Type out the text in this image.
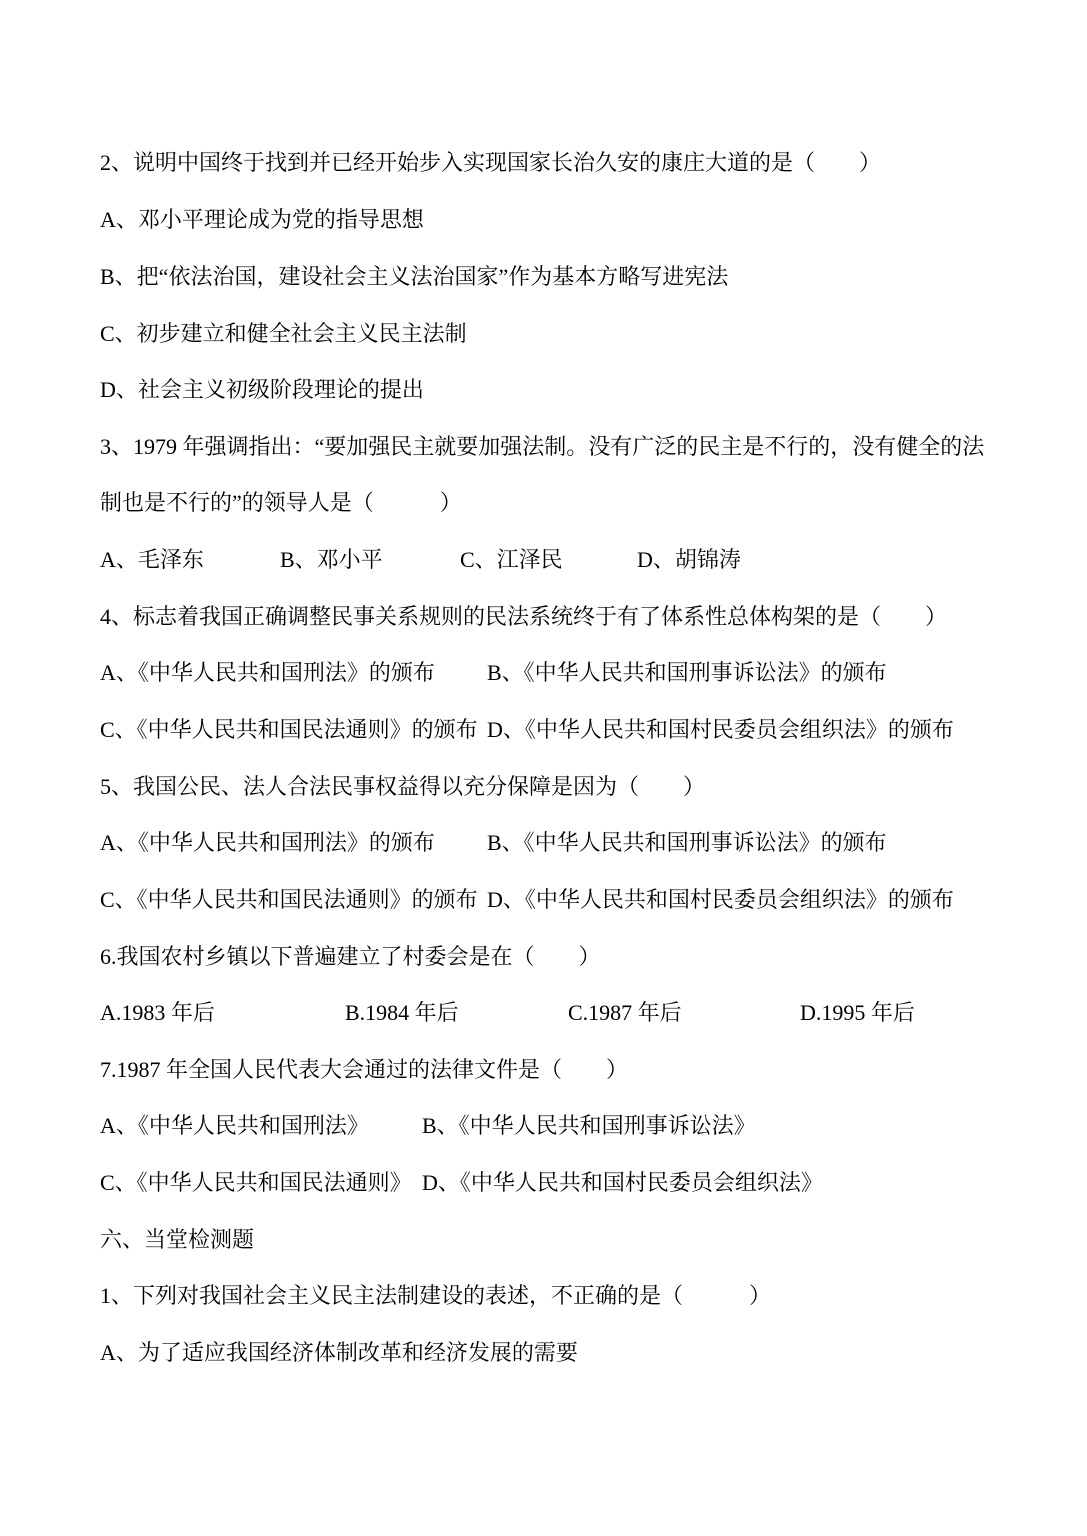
2、说明中国终于找到并已经开始步入实现国家长治久安的康庄大道的是（　　）
A、邓小平理论成为党的指导思想
B、把“依法治国，建设社会主义法治国家”作为基本方略写进宪法
C、初步建立和健全社会主义民主法制
D、社会主义初级阶段理论的提出
3、1979 年强调指出：“要加强民主就要加强法制。没有广泛的民主是不行的，没有健全的法
制也是不行的”的领导人是（　　　）
A、毛泽东	B、邓小平	C、江泽民	D、胡锦涛
4、标志着我国正确调整民事关系规则的民法系统终于有了体系性总体构架的是（　　）
A、《中华人民共和国刑法》的颁布 B、《中华人民共和国刑事诉讼法》的颁布
C、《中华人民共和国民法通则》的颁布 D、《中华人民共和国村民委员会组织法》的颁布
5、我国公民、法人合法民事权益得以充分保障是因为（　　）
A、《中华人民共和国刑法》的颁布 B、《中华人民共和国刑事诉讼法》的颁布
C、《中华人民共和国民法通则》的颁布 D、《中华人民共和国村民委员会组织法》的颁布
6.我国农村乡镇以下普遍建立了村委会是在（　　）
A.1983 年后	B.1984 年后	C.1987 年后	D.1995 年后
7.1987 年全国人民代表大会通过的法律文件是（　　）
A、《中华人民共和国刑法》 B、《中华人民共和国刑事诉讼法》
C、《中华人民共和国民法通则》 D、《中华人民共和国村民委员会组织法》
六、当堂检测题
1、下列对我国社会主义民主法制建设的表述，不正确的是（　　　）
A、为了适应我国经济体制改革和经济发展的需要
